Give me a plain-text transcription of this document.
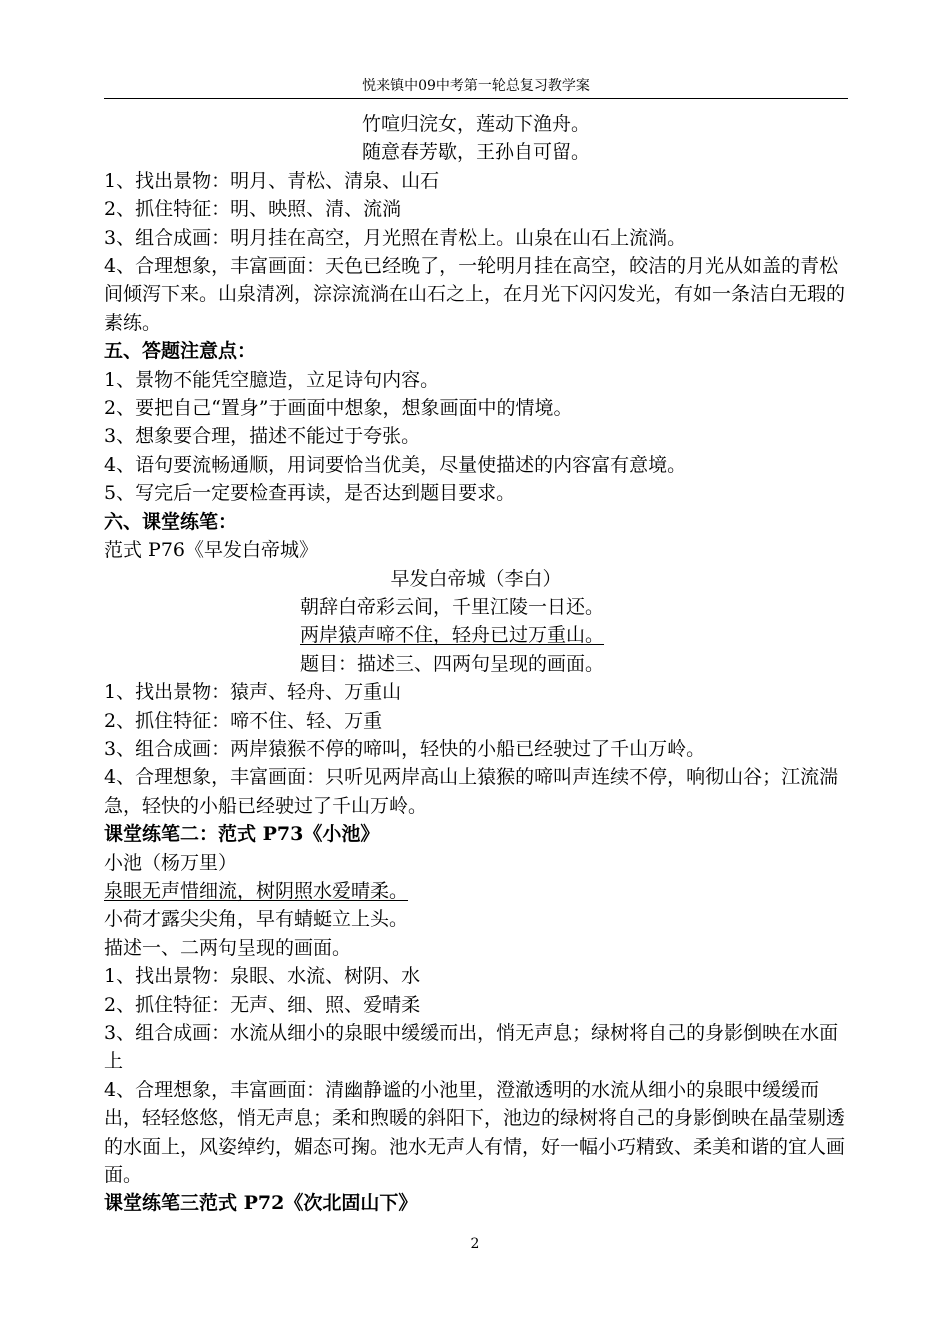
悦来镇中09中考第一轮总复习教学案

竹喧归浣女，莲动下渔舟。

随意春芳歇，王孙自可留。

1、找出景物：明月、青松、清泉、山石

2、抓住特征：明、映照、清、流淌

3、组合成画：明月挂在高空，月光照在青松上。山泉在山石上流淌。

4、合理想象，丰富画面：天色已经晚了，一轮明月挂在高空，皎洁的月光从如盖的青松间倾泻下来。山泉清冽，淙淙流淌在山石之上，在月光下闪闪发光，有如一条洁白无瑕的素练。

五、答题注意点：

1、景物不能凭空臆造，立足诗句内容。

2、要把自己“置身”于画面中想象，想象画面中的情境。

3、想象要合理，描述不能过于夸张。

4、语句要流畅通顺，用词要恰当优美，尽量使描述的内容富有意境。

5、写完后一定要检查再读，是否达到题目要求。

六、课堂练笔：

范式 P76《早发白帝城》

早发白帝城（李白）

朝辞白帝彩云间，千里江陵一日还。

两岸猿声啼不住，轻舟已过万重山。

题目：描述三、四两句呈现的画面。

1、找出景物：猿声、轻舟、万重山

2、抓住特征：啼不住、轻、万重

3、组合成画：两岸猿猴不停的啼叫，轻快的小船已经驶过了千山万岭。

4、合理想象，丰富画面：只听见两岸高山上猿猴的啼叫声连续不停，响彻山谷；江流湍急，轻快的小船已经驶过了千山万岭。

课堂练笔二：范式 P73《小池》

小池（杨万里）

泉眼无声惜细流，树阴照水爱晴柔。

小荷才露尖尖角，早有蜻蜓立上头。

描述一、二两句呈现的画面。

1、找出景物：泉眼、水流、树阴、水

2、抓住特征：无声、细、照、爱晴柔

3、组合成画：水流从细小的泉眼中缓缓而出，悄无声息；绿树将自己的身影倒映在水面上

4、合理想象，丰富画面：清幽静谧的小池里，澄澈透明的水流从细小的泉眼中缓缓而出，轻轻悠悠，悄无声息；柔和煦暖的斜阳下，池边的绿树将自己的身影倒映在晶莹剔透的水面上，风姿绰约，媚态可掬。池水无声人有情，好一幅小巧精致、柔美和谐的宜人画面。

课堂练笔三范式 P72《次北固山下》

2
